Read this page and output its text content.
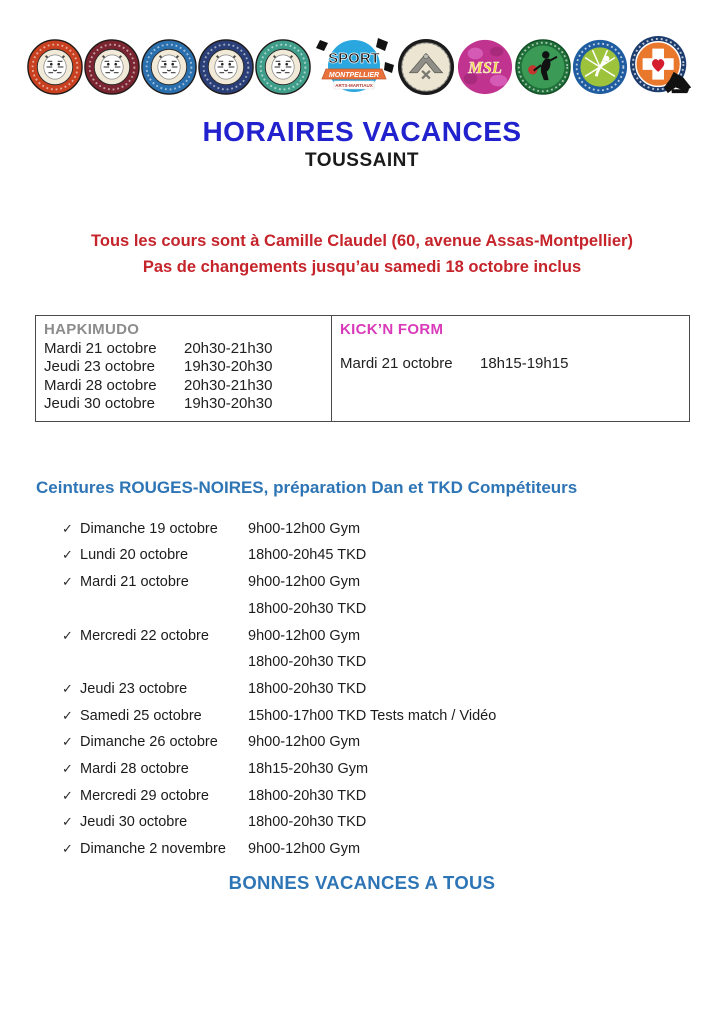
SPORT
MONTPELLIER
ARTS-MARTIAUX
MSL
HORAIRES VACANCES
TOUSSAINT
Tous les cours sont à Camille Claudel (60, avenue Assas-Montpellier)
Pas de changements jusqu’au samedi 18 octobre inclus
HAPKIMUDO
Mardi 21 octobre	20h30-21h30
Jeudi 23 octobre	19h30-20h30
Mardi 28 octobre	20h30-21h30
Jeudi 30 octobre	19h30-20h30
KICK’N FORM
Mardi 21 octobre	18h15-19h15
Ceintures ROUGES-NOIRES, préparation Dan et TKD Compétiteurs
✓ Dimanche 19 octobre	9h00-12h00 Gym
✓ Lundi 20 octobre	18h00-20h45 TKD
✓ Mardi 21 octobre	9h00-12h00 Gym
18h00-20h30 TKD
✓ Mercredi 22 octobre	9h00-12h00 Gym
18h00-20h30 TKD
✓ Jeudi 23 octobre	18h00-20h30 TKD
✓ Samedi 25 octobre	15h00-17h00 TKD Tests match / Vidéo
✓ Dimanche 26 octobre	9h00-12h00 Gym
✓ Mardi 28 octobre	18h15-20h30 Gym
✓ Mercredi 29 octobre	18h00-20h30 TKD
✓ Jeudi 30 octobre	18h00-20h30 TKD
✓ Dimanche 2 novembre	9h00-12h00 Gym
BONNES VACANCES A TOUS
